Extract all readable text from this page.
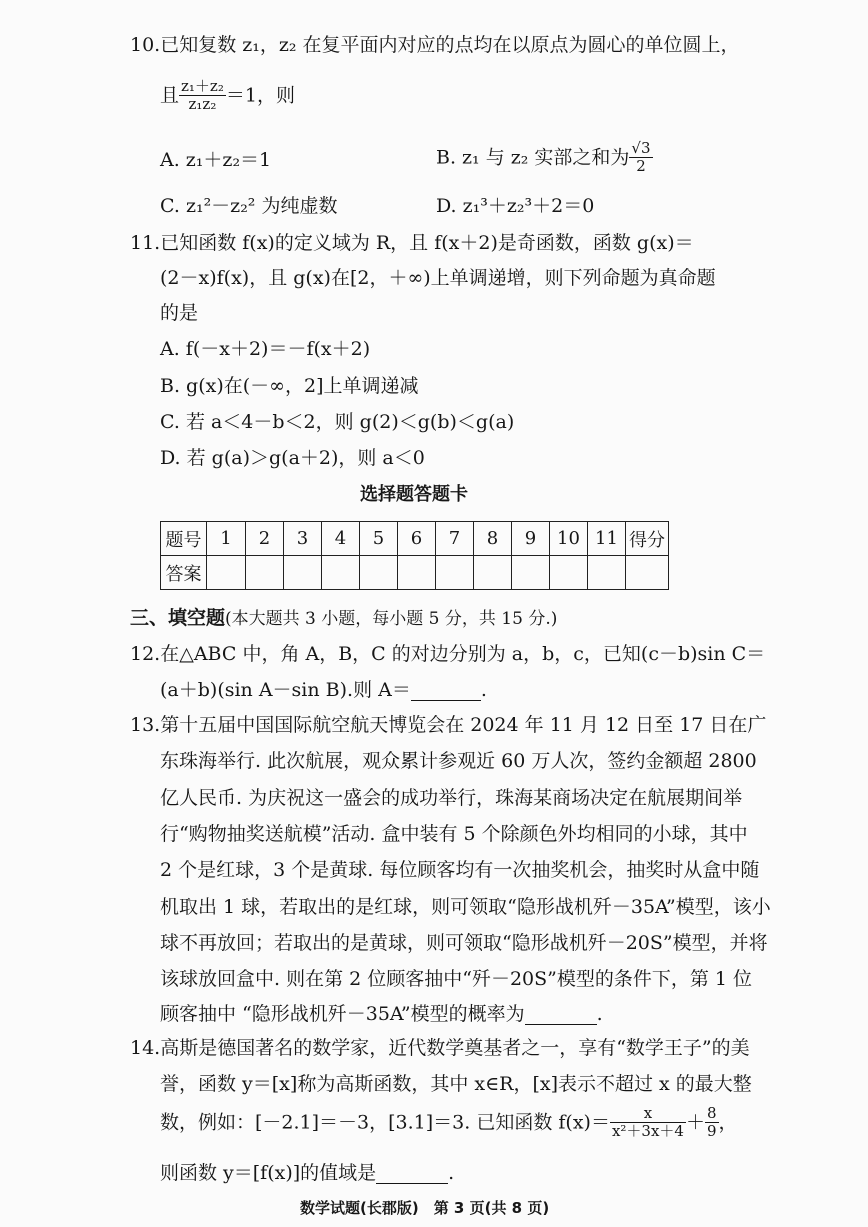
10.已知复数 z₁，z₂ 在复平面内对应的点均在以原点为圆心的单位圆上，
且 $\frac{\text{z₁＋z₂}}{\text{z₁z₂}} =1$，则
A. z₁＋z₂＝1	B. z₁ 与 z₂ 实部之和为 $\frac{√3}{2}$
C. z₁²－z₂² 为纯虚数	D. z₁³＋z₂³＋2＝0
11.已知函数 f(x)的定义域为 R，且 f(x＋2)是奇函数，函数 g(x)＝
(2－x)f(x)，且 g(x)在[2，＋∞)上单调递增，则下列命题为真命题
的是
A. f(－x＋2)＝－f(x＋2)
B. g(x)在(－∞，2]上单调递减
C. 若 a＜4－b＜2，则 g(2)＜g(b)＜g(a)
D. 若 g(a)＞g(a＋2)，则 a＜0
选择题答题卡
题号	1	2	3	4	5	6	7	8	9	10	11	得分
答案												
三、填空题(本大题共 3 小题，每小题 5 分，共 15 分.)
12.在△ABC 中，角 A，B，C 的对边分别为 a，b，c，已知(c－b)sin C＝
(a＋b)(sin A－sin B).则 A＝	.
13.第十五届中国国际航空航天博览会在 2024 年 11 月 12 日至 17 日在广
东珠海举行. 此次航展，观众累计参观近 60 万人次，签约金额超 2800
亿人民币. 为庆祝这一盛会的成功举行，珠海某商场决定在航展期间举
行“购物抽奖送航模”活动. 盒中装有 5 个除颜色外均相同的小球，其中
2 个是红球，3 个是黄球. 每位顾客均有一次抽奖机会，抽奖时从盒中随
机取出 1 球，若取出的是红球，则可领取“隐形战机歼－35A”模型，该小
球不再放回；若取出的是黄球，则可领取“隐形战机歼－20S”模型，并将
该球放回盒中. 则在第 2 位顾客抽中“歼－20S”模型的条件下，第 1 位
顾客抽中 “隐形战机歼－35A”模型的概率为	.
14.高斯是德国著名的数学家，近代数学奠基者之一，享有“数学王子”的美
誉，函数 y＝[x]称为高斯函数，其中 x∈R，[x]表示不超过 x 的最大整
数，例如：[－2.1]＝－3，[3.1]＝3. 已知函数 $f(x)= \frac{x}{\text{x²＋3x＋4}} + \frac{8}{9}$ ，
则函数 y＝[f(x)]的值域是	.
数学试题(长郡版)　第 3 页(共 8 页)
